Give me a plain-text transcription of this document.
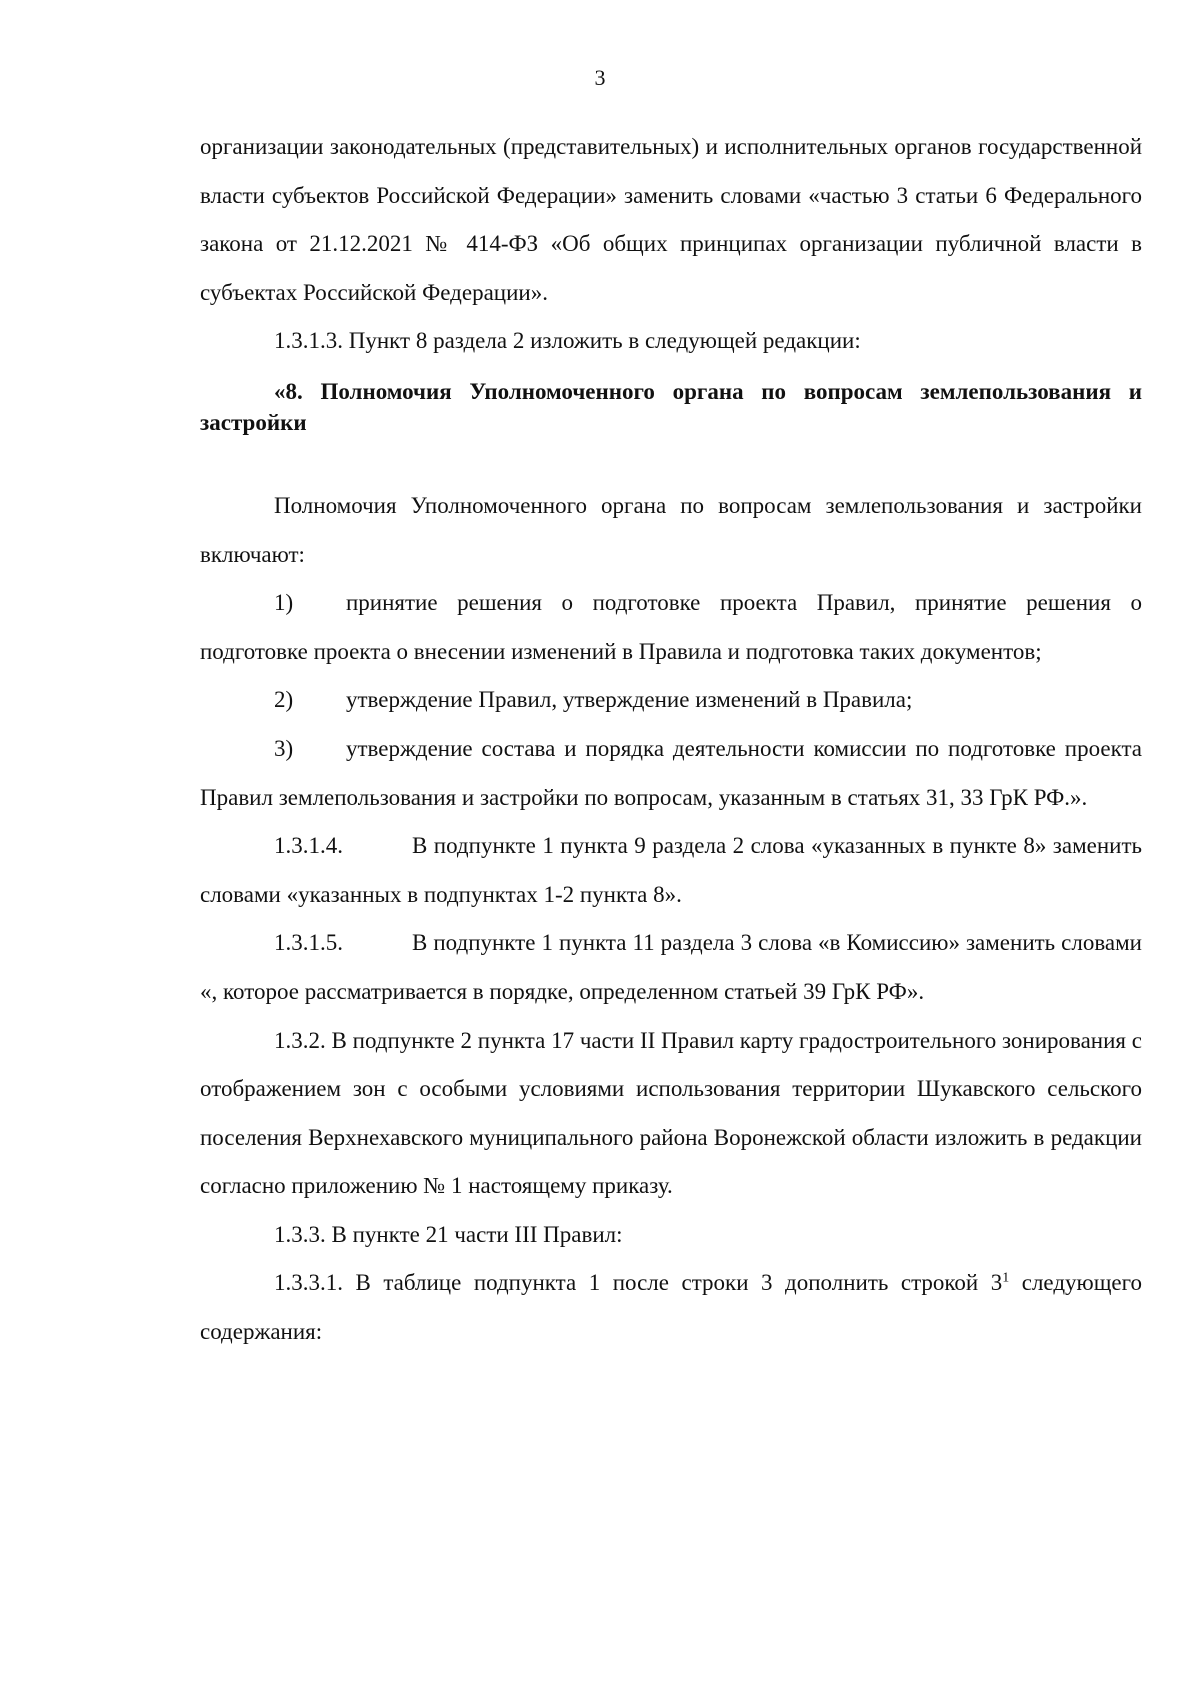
3

организации законодательных (представительных) и исполнительных органов государственной власти субъектов Российской Федерации» заменить словами «частью 3 статьи 6 Федерального закона от 21.12.2021 № 414-ФЗ «Об общих принципах организации публичной власти в субъектах Российской Федерации».

1.3.1.3. Пункт 8 раздела 2 изложить в следующей редакции:

«8. Полномочия Уполномоченного органа по вопросам землепользования и застройки

Полномочия Уполномоченного органа по вопросам землепользования и застройки включают:

1) принятие решения о подготовке проекта Правил, принятие решения о подготовке проекта о внесении изменений в Правила и подготовка таких документов;

2) утверждение Правил, утверждение изменений в Правила;

3) утверждение состава и порядка деятельности комиссии по подготовке проекта Правил землепользования и застройки по вопросам, указанным в статьях 31, 33 ГрК РФ.».

1.3.1.4.	В подпункте 1 пункта 9 раздела 2 слова «указанных в пункте 8» заменить словами «указанных в подпунктах 1-2 пункта 8».

1.3.1.5.	В подпункте 1 пункта 11 раздела 3 слова «в Комиссию» заменить словами «, которое рассматривается в порядке, определенном статьей 39 ГрК РФ».

1.3.2. В подпункте 2 пункта 17 части II Правил карту градостроительного зонирования с отображением зон с особыми условиями использования территории Шукавского сельского поселения Верхнехавского муниципального района Воронежской области изложить в редакции согласно приложению № 1 настоящему приказу.

1.3.3. В пункте 21 части III Правил:

1.3.3.1. В таблице подпункта 1 после строки 3 дополнить строкой $3^1$ следующего содержания:
